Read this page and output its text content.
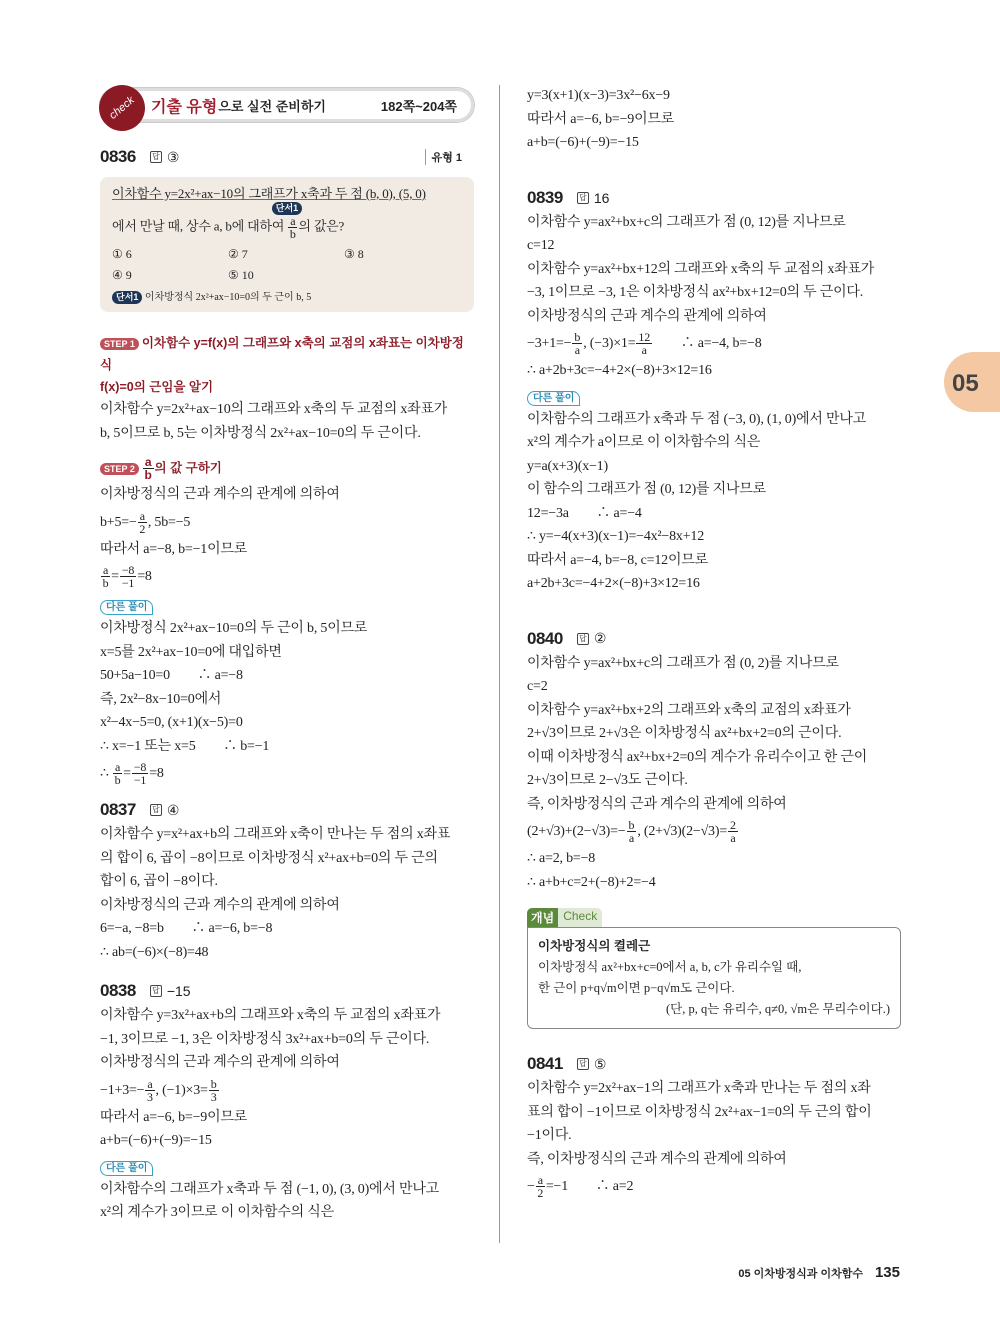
check 기출 유형 으로 실전 준비하기	182쪽~204쪽
0836 답 ③	유형 1
이차함수 y=2x²+ax−10의 그래프가 x축과 두 점 (b, 0), (5, 0)
단서1
에서 만날 때, 상수 a, b에 대하여 $\frac{a}{b}$ 의 값은?
① 6	② 7	③ 8
④ 9	⑤ 10
단서1 이차방정식 2x²+ax−10=0의 두 근이 b, 5
STEP 1 이차함수 y=f(x)의 그래프와 x축의 교점의 x좌표는 이차방정식
f(x)=0의 근임을 알기
이차함수 y=2x²+ax−10의 그래프와 x축의 두 교점의 x좌표가
b, 5이므로 b, 5는 이차방정식 2x²+ax−10=0의 두 근이다.
STEP $2 \frac{a}{b}$ 의 값 구하기
이차방정식의 근과 계수의 관계에 의하여
$b+5=- \frac{a}{2}$ , 5b=−5
따라서 a=−8, b=−1이므로
$\frac{a}{b} = \frac{-8}{-1} =8$
다른 풀이
이차방정식 2x²+ax−10=0의 두 근이 b, 5이므로
x=5를 2x²+ax−10=0에 대입하면
50+5a−10=0　　∴ a=−8
즉, 2x²−8x−10=0에서
x²−4x−5=0, (x+1)(x−5)=0
∴ x=−1 또는 x=5　　∴ b=−1
∴ $\frac{a}{b} = \frac{-8}{-1} =8$
0837 답 ④
이차함수 y=x²+ax+b의 그래프와 x축이 만나는 두 점의 x좌표
의 합이 6, 곱이 −8이므로 이차방정식 x²+ax+b=0의 두 근의
합이 6, 곱이 −8이다.
이차방정식의 근과 계수의 관계에 의하여
6=−a, −8=b　　∴ a=−6, b=−8
∴ ab=(−6)×(−8)=48
0838 답 −15
이차함수 y=3x²+ax+b의 그래프와 x축의 두 교점의 x좌표가
−1, 3이므로 −1, 3은 이차방정식 3x²+ax+b=0의 두 근이다.
이차방정식의 근과 계수의 관계에 의하여
$-1+3=- \frac{a}{3}$ , $(-1)\times 3= \frac{b}{3}$
따라서 a=−6, b=−9이므로
a+b=(−6)+(−9)=−15
다른 풀이
이차함수의 그래프가 x축과 두 점 (−1, 0), (3, 0)에서 만나고
x²의 계수가 3이므로 이 이차함수의 식은
y=3(x+1)(x−3)=3x²−6x−9
따라서 a=−6, b=−9이므로
a+b=(−6)+(−9)=−15
0839 답 16
이차함수 y=ax²+bx+c의 그래프가 점 (0, 12)를 지나므로
c=12
이차함수 y=ax²+bx+12의 그래프와 x축의 두 교점의 x좌표가
−3, 1이므로 −3, 1은 이차방정식 ax²+bx+12=0의 두 근이다.
이차방정식의 근과 계수의 관계에 의하여
$-3+1=- \frac{b}{a}$ , $(-3)\times 1= \frac{12}{a}$ 　　∴ a=−4, b=−8
∴ a+2b+3c=−4+2×(−8)+3×12=16
다른 풀이
이차함수의 그래프가 x축과 두 점 (−3, 0), (1, 0)에서 만나고
x²의 계수가 a이므로 이 이차함수의 식은
y=a(x+3)(x−1)
이 함수의 그래프가 점 (0, 12)를 지나므로
12=−3a　　∴ a=−4
∴ y=−4(x+3)(x−1)=−4x²−8x+12
따라서 a=−4, b=−8, c=12이므로
a+2b+3c=−4+2×(−8)+3×12=16
0840 답 ②
이차함수 y=ax²+bx+c의 그래프가 점 (0, 2)를 지나므로
c=2
이차함수 y=ax²+bx+2의 그래프와 x축의 교점의 x좌표가
2+√3이므로 2+√3은 이차방정식 ax²+bx+2=0의 근이다.
이때 이차방정식 ax²+bx+2=0의 계수가 유리수이고 한 근이
2+√3이므로 2−√3도 근이다.
즉, 이차방정식의 근과 계수의 관계에 의하여
$(2+√3)+(2-√3)=- \frac{b}{a}$ , $(2+√3)(2-√3)= \frac{2}{a}$
∴ a=2, b=−8
∴ a+b+c=2+(−8)+2=−4
개념 Check
이차방정식의 켤레근
이차방정식 ax²+bx+c=0에서 a, b, c가 유리수일 때,
한 근이 p+q√m이면 p−q√m도 근이다.
(단, p, q는 유리수, q≠0, √m은 무리수이다.)
0841 답 ⑤
이차함수 y=2x²+ax−1의 그래프가 x축과 만나는 두 점의 x좌
표의 합이 −1이므로 이차방정식 2x²+ax−1=0의 두 근의 합이
−1이다.
즉, 이차방정식의 근과 계수의 관계에 의하여
− $\frac{a}{2} =-1$　　∴ a=2
05
05 이차방정식과 이차함수 135
